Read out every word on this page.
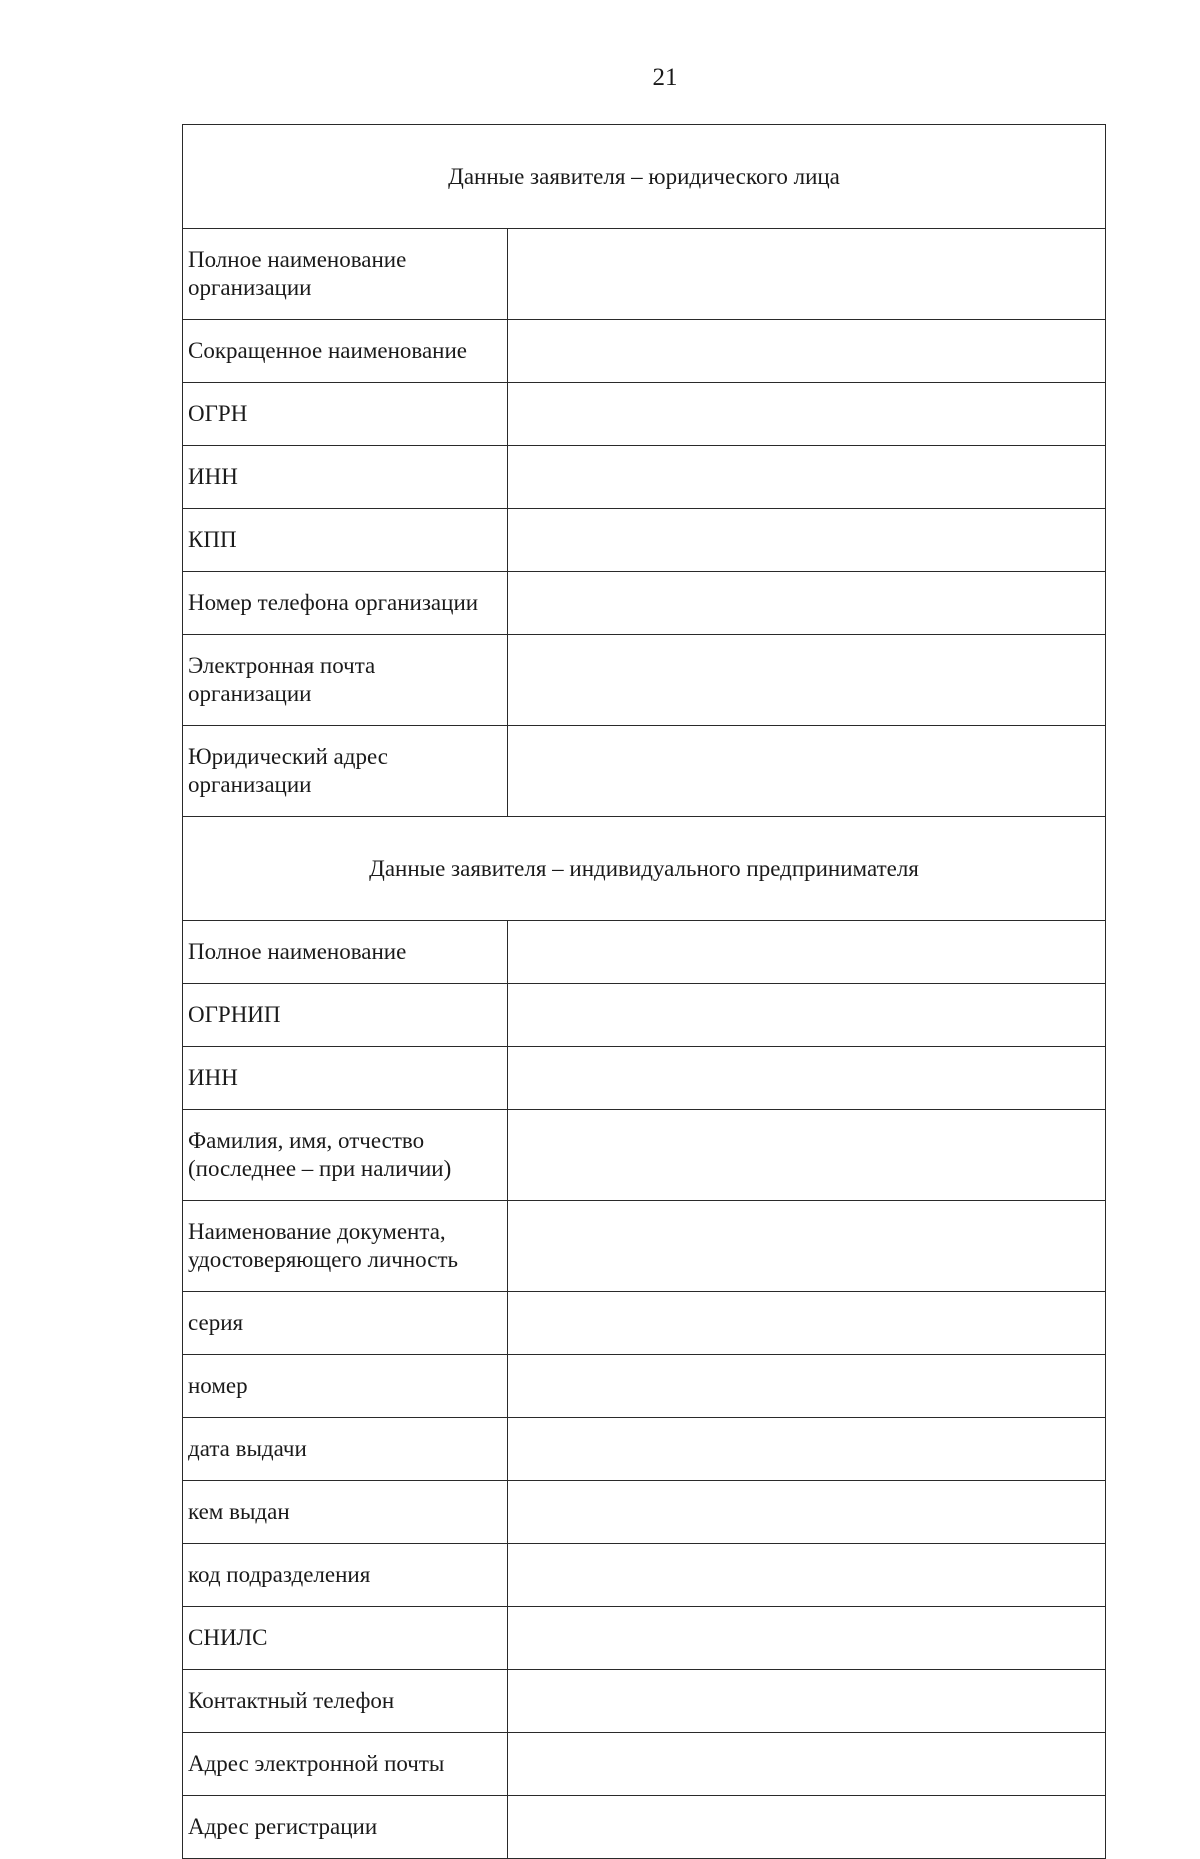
21
Данные заявителя – юридического лица	
Полное наименование организации	
Сокращенное наименование	
ОГРН	
ИНН	
КПП	
Номер телефона организации	
Электронная почта организации	
Юридический адрес организации	
Данные заявителя – индивидуального предпринимателя	
Полное наименование	
ОГРНИП	
ИНН	
Фамилия, имя, отчество (последнее – при наличии)	
Наименование документа, удостоверяющего личность	
серия	
номер	
дата выдачи	
кем выдан	
код подразделения	
СНИЛС	
Контактный телефон	
Адрес электронной почты	
Адрес регистрации	
